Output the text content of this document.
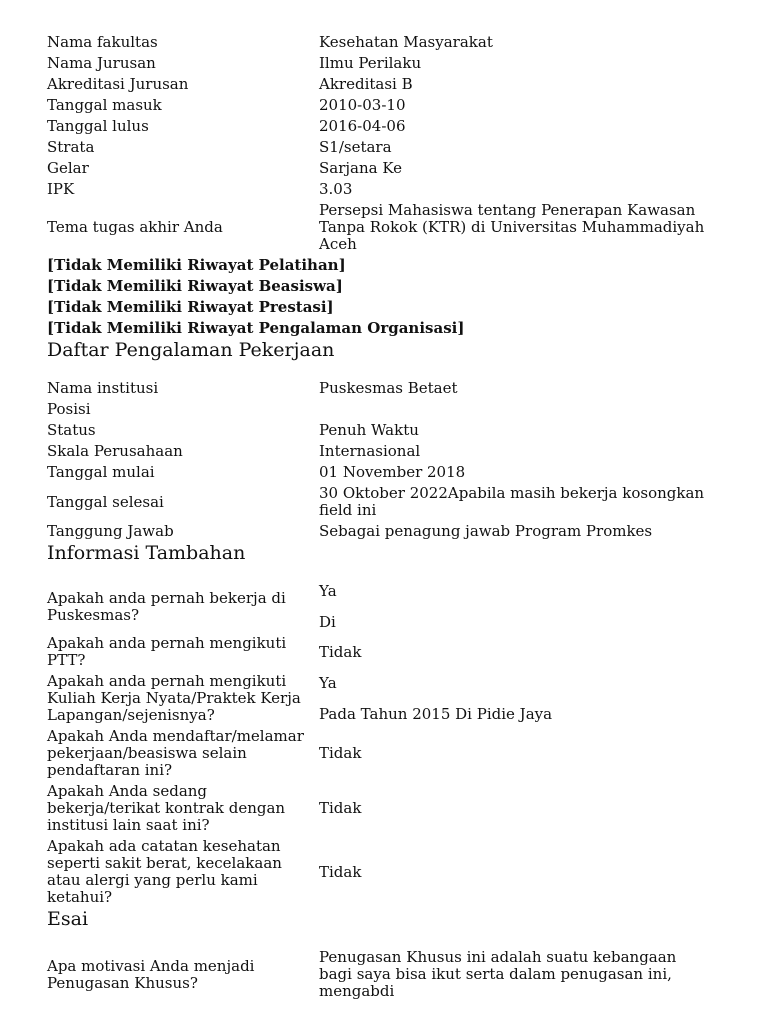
Nama fakultas	Kesehatan Masyarakat
Nama Jurusan	Ilmu Perilaku
Akreditasi Jurusan	Akreditasi B
Tanggal masuk	2010-03-10
Tanggal lulus	2016-04-06
Strata	S1/setara
Gelar	Sarjana Ke
IPK	3.03
Tema tugas akhir Anda	Persepsi Mahasiswa tentang Penerapan Kawasan Tanpa Rokok (KTR) di Universitas Muhammadiyah Aceh
[Tidak Memiliki Riwayat Pelatihan]
[Tidak Memiliki Riwayat Beasiswa]
[Tidak Memiliki Riwayat Prestasi]
[Tidak Memiliki Riwayat Pengalaman Organisasi]
Daftar Pengalaman Pekerjaan
Nama institusi	Puskesmas Betaet
Posisi	
Status	Penuh Waktu
Skala Perusahaan	Internasional
Tanggal mulai	01 November 2018
Tanggal selesai	30 Oktober 2022Apabila masih bekerja kosongkan field ini
Tanggung Jawab	Sebagai penagung jawab Program Promkes
Informasi Tambahan
Apakah anda pernah bekerja di Puskesmas?	Ya
Di

Apakah anda pernah mengikuti PTT?	Tidak
Apakah anda pernah mengikuti Kuliah Kerja Nyata/Praktek Kerja Lapangan/sejenisnya?	Ya
Pada Tahun 2015 Di Pidie Jaya

Apakah Anda mendaftar/melamar pekerjaan/beasiswa selain pendaftaran ini?	Tidak
Apakah Anda sedang bekerja/terikat kontrak dengan institusi lain saat ini?	Tidak
Apakah ada catatan kesehatan seperti sakit berat, kecelakaan atau alergi yang perlu kami ketahui?	Tidak
Esai
Apa motivasi Anda menjadi Penugasan Khusus?	Penugasan Khusus ini adalah suatu kebangaan bagi saya bisa ikut serta dalam penugasan ini, mengabdi
